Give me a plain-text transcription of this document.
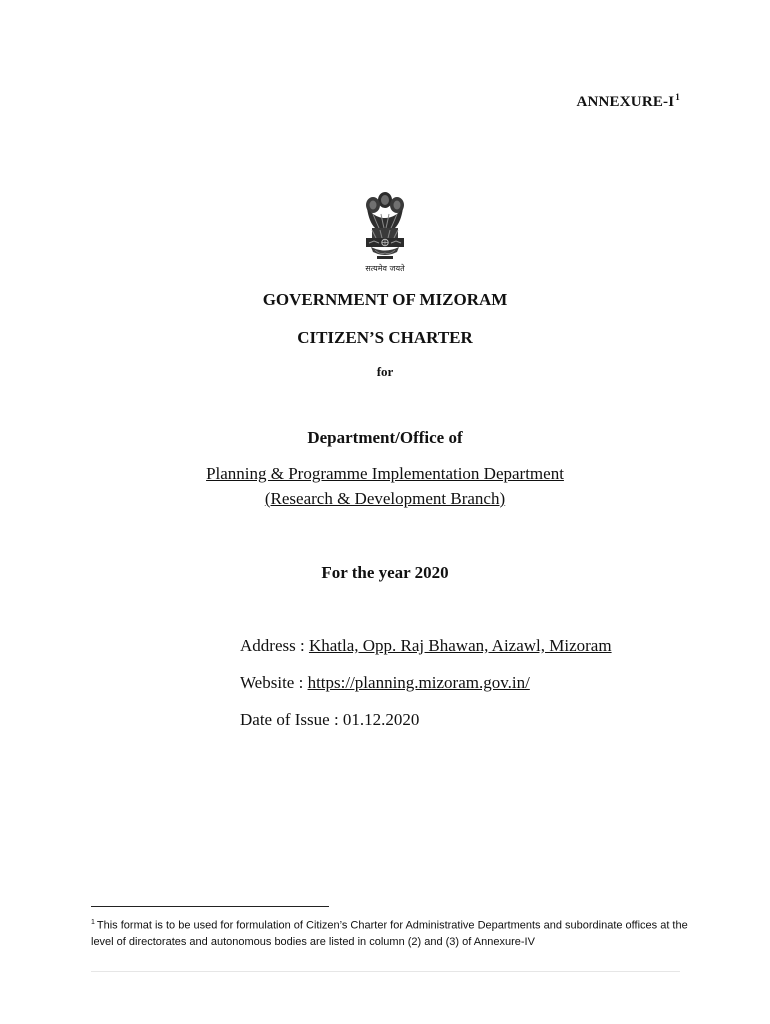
ANNEXURE-$I^1$
सत्यमेव जयते
GOVERNMENT OF MIZORAM
CITIZEN’S CHARTER
for
Department/Office of
Planning & Programme Implementation Department
(Research & Development Branch)
For the year 2020
Address : Khatla, Opp. Raj Bhawan, Aizawl, Mizoram
Website : https://planning.mizoram.gov.in/
Date of Issue : 01.12.2020
$^1$ This format is to be used for formulation of Citizen’s Charter for Administrative Departments and subordinate offices at the level of directorates and autonomous bodies are listed in column (2) and (3) of Annexure-IV
